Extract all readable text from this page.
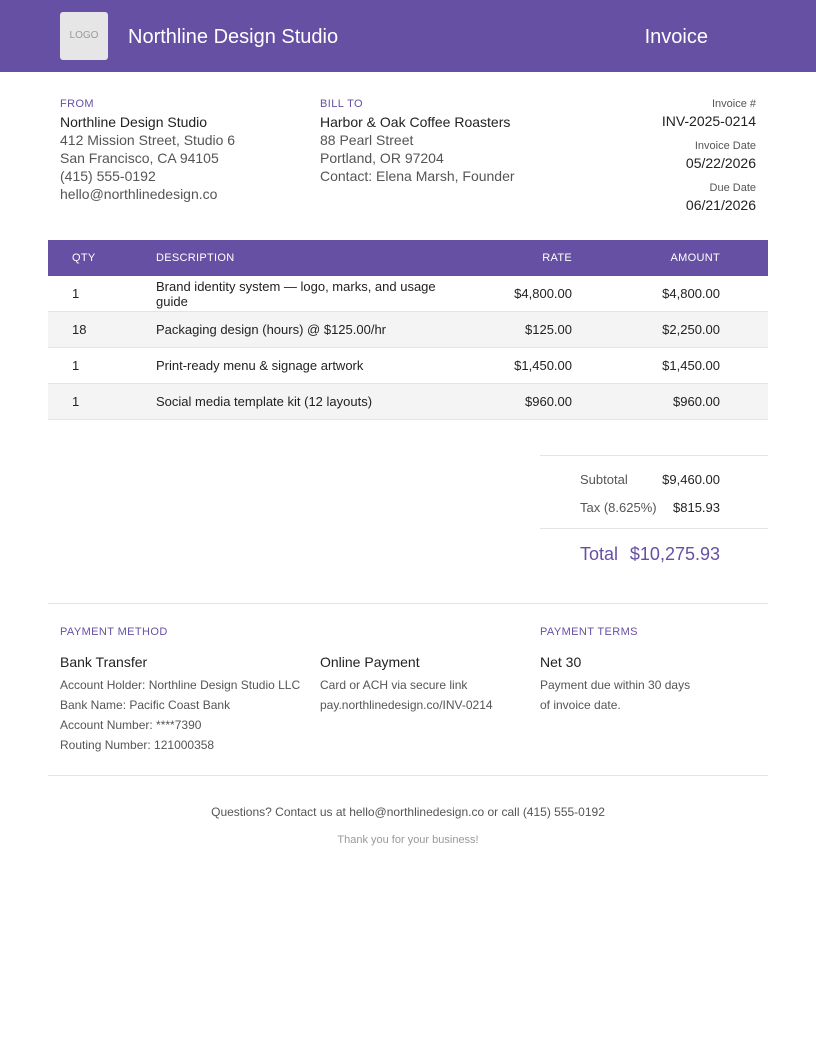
LOGO	Northline Design Studio	Invoice
FROM
Northline Design Studio
412 Mission Street, Studio 6
San Francisco, CA 94105
(415) 555-0192
hello@northlinedesign.co
BILL TO
Harbor & Oak Coffee Roasters
88 Pearl Street
Portland, OR 97204
Contact: Elena Marsh, Founder
Invoice #
INV-2025-0214
Invoice Date
05/22/2026
Due Date
06/21/2026
QTY	DESCRIPTION	RATE	AMOUNT
1	Brand identity system — logo, marks, and usage guide	$4,800.00	$4,800.00
18	Packaging design (hours) @ $125.00/hr	$125.00	$2,250.00
1	Print-ready menu & signage artwork	$1,450.00	$1,450.00
1	Social media template kit (12 layouts)	$960.00	$960.00
Subtotal	$9,460.00
Tax (8.625%) $815.93
Total $10,275.93
PAYMENT METHOD
Bank Transfer
Account Holder: Northline Design Studio LLC
Bank Name: Pacific Coast Bank
Account Number: ****7390
Routing Number: 121000358
Online Payment
Card or ACH via secure link
pay.northlinedesign.co/INV-0214
PAYMENT TERMS
Net 30
Payment due within 30 days
of invoice date.
Questions? Contact us at hello@northlinedesign.co or call (415) 555-0192
Thank you for your business!
